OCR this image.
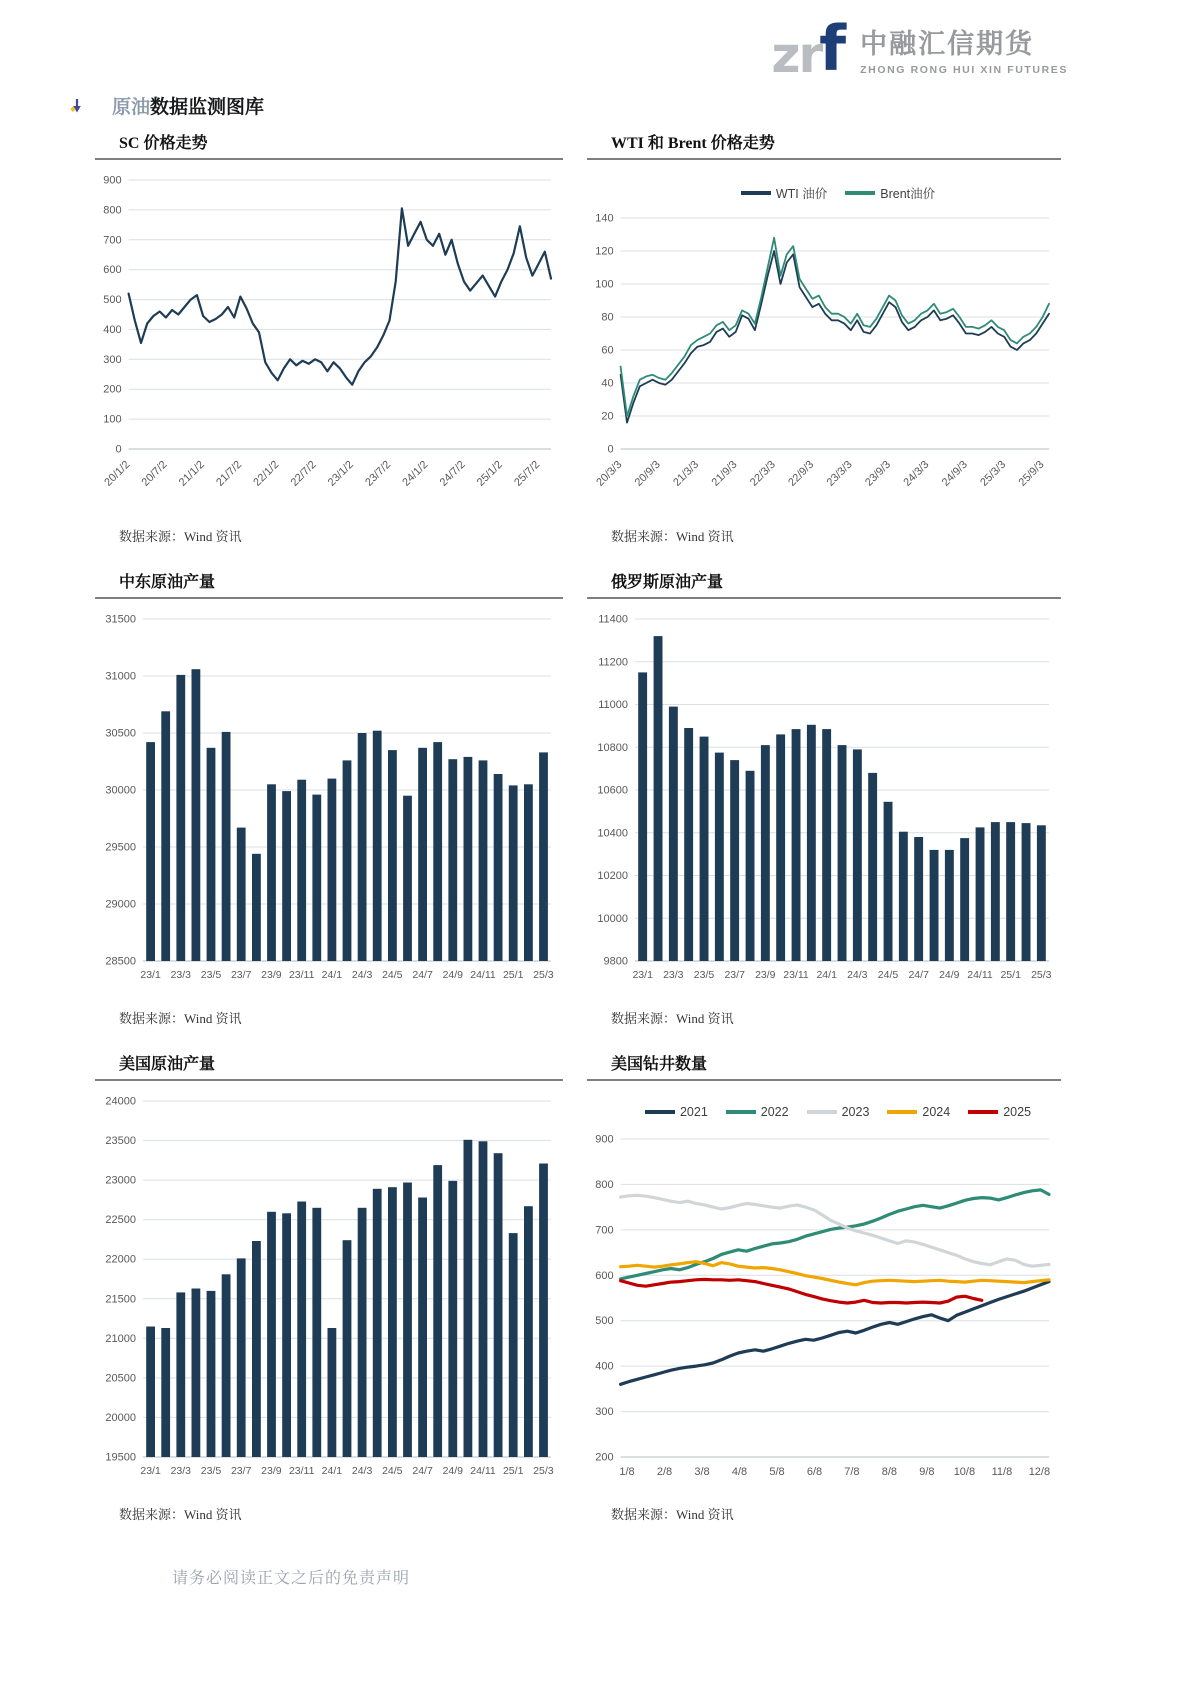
zr
f 中融汇信期货
ZHONG RONG HUI XIN FUTURES
原油 数据监测图库
SC 价格走势
0
100
200
300
400
500
600
700
800
900
20/1/2 20/7/2 21/1/2 21/7/2 22/1/2 22/7/2 23/1/2 23/7/2 24/1/2 24/7/2 25/1/2 25/7/2
数据来源：Wind 资讯
WTI 和 Brent 价格走势
0
20
40
60
80
100
120
140
20/3/3 20/9/3 21/3/3 21/9/3 22/3/3 22/9/3 23/3/3 23/9/3 24/3/3 24/9/3 25/3/3 25/9/3
WTI 油价	Brent油价
数据来源：Wind 资讯
中东原油产量
28500
29000
29500
30000
30500
31000
31500
23/1 23/3 23/5 23/7 23/9 23/11 24/1 24/3 24/5 24/7 24/9 24/11 25/1 25/3
数据来源：Wind 资讯
俄罗斯原油产量
9800
10000
10200
10400
10600
10800
11000
11200
11400
23/1 23/3 23/5 23/7 23/9 23/11 24/1 24/3 24/5 24/7 24/9 24/11 25/1 25/3
数据来源：Wind 资讯
美国原油产量
19500
20000
20500
21000
21500
22000
22500
23000
23500
24000
23/1 23/3 23/5 23/7 23/9 23/11 24/1 24/3 24/5 24/7 24/9 24/11 25/1 25/3
数据来源：Wind 资讯
美国钻井数量
200
300
400
500
600
700
800
900
1/8 2/8 3/8 4/8 5/8 6/8 7/8 8/8 9/8 10/8 11/8 12/8
2021	2022	2023	2024	2025
数据来源：Wind 资讯
请务必阅读正文之后的免责声明
